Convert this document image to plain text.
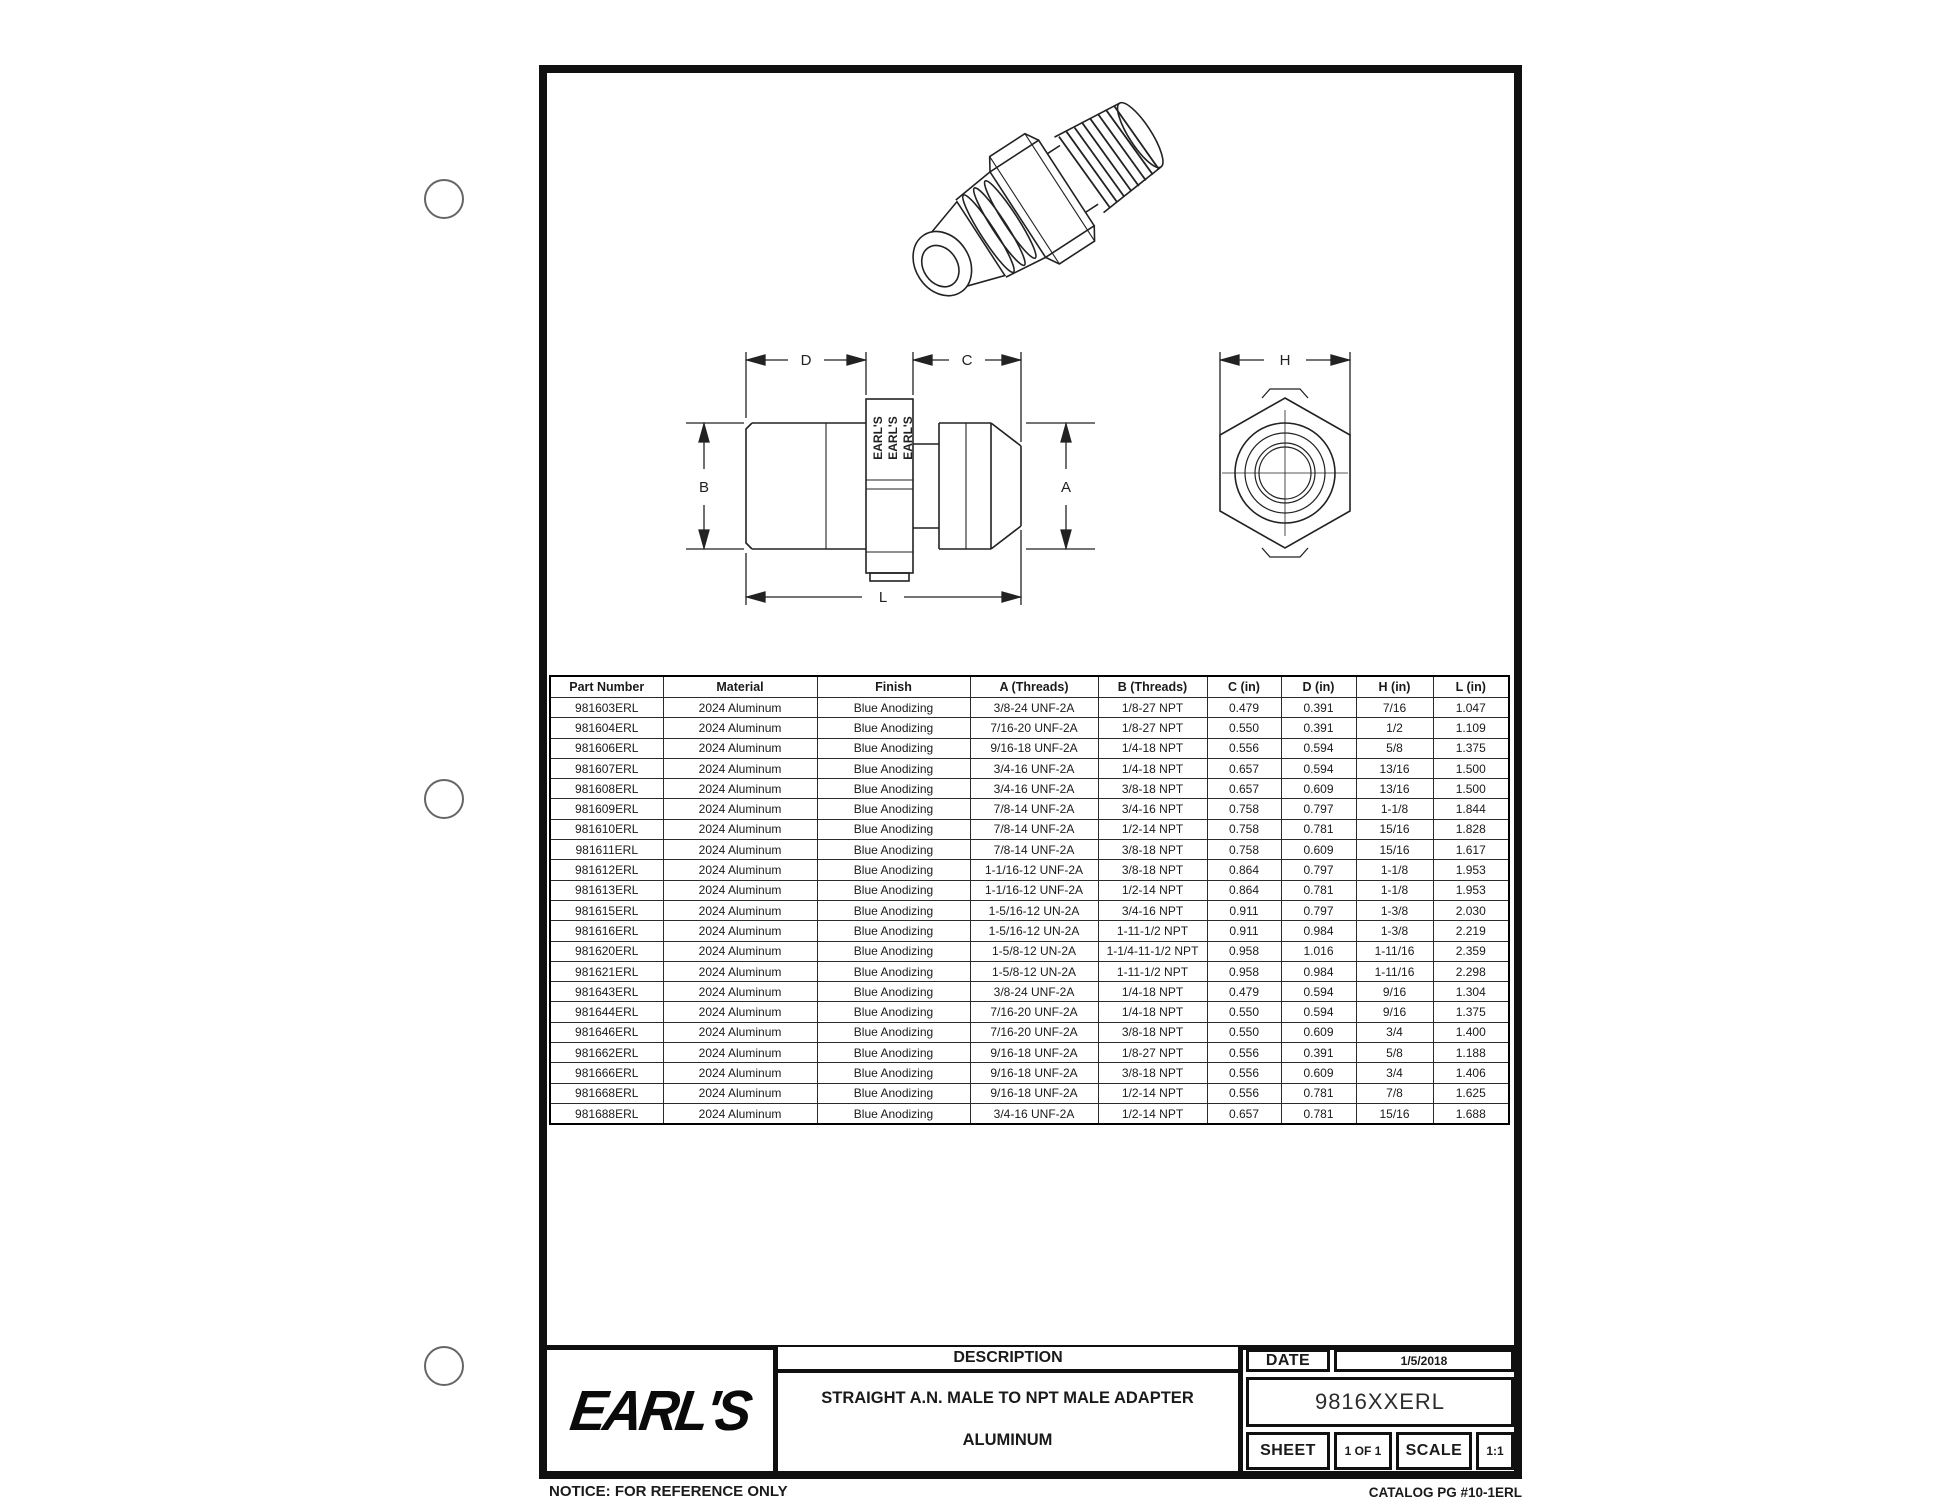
EARL'S EARL'S EARL'S
D	C
B	A
L
H
Part Number	Material	Finish	A (Threads)	B (Threads)	C (in)	D (in)	H (in)	L (in)
981603ERL	2024 Aluminum	Blue Anodizing	3/8-24 UNF-2A	1/8-27 NPT	0.479	0.391	7/16	1.047
981604ERL	2024 Aluminum	Blue Anodizing	7/16-20 UNF-2A	1/8-27 NPT	0.550	0.391	1/2	1.109
981606ERL	2024 Aluminum	Blue Anodizing	9/16-18 UNF-2A	1/4-18 NPT	0.556	0.594	5/8	1.375
981607ERL	2024 Aluminum	Blue Anodizing	3/4-16 UNF-2A	1/4-18 NPT	0.657	0.594	13/16	1.500
981608ERL	2024 Aluminum	Blue Anodizing	3/4-16 UNF-2A	3/8-18 NPT	0.657	0.609	13/16	1.500
981609ERL	2024 Aluminum	Blue Anodizing	7/8-14 UNF-2A	3/4-16 NPT	0.758	0.797	1-1/8	1.844
981610ERL	2024 Aluminum	Blue Anodizing	7/8-14 UNF-2A	1/2-14 NPT	0.758	0.781	15/16	1.828
981611ERL	2024 Aluminum	Blue Anodizing	7/8-14 UNF-2A	3/8-18 NPT	0.758	0.609	15/16	1.617
981612ERL	2024 Aluminum	Blue Anodizing	1-1/16-12 UNF-2A	3/8-18 NPT	0.864	0.797	1-1/8	1.953
981613ERL	2024 Aluminum	Blue Anodizing	1-1/16-12 UNF-2A	1/2-14 NPT	0.864	0.781	1-1/8	1.953
981615ERL	2024 Aluminum	Blue Anodizing	1-5/16-12 UN-2A	3/4-16 NPT	0.911	0.797	1-3/8	2.030
981616ERL	2024 Aluminum	Blue Anodizing	1-5/16-12 UN-2A	1-11-1/2 NPT	0.911	0.984	1-3/8	2.219
981620ERL	2024 Aluminum	Blue Anodizing	1-5/8-12 UN-2A	1-1/4-11-1/2 NPT	0.958	1.016	1-11/16	2.359
981621ERL	2024 Aluminum	Blue Anodizing	1-5/8-12 UN-2A	1-11-1/2 NPT	0.958	0.984	1-11/16	2.298
981643ERL	2024 Aluminum	Blue Anodizing	3/8-24 UNF-2A	1/4-18 NPT	0.479	0.594	9/16	1.304
981644ERL	2024 Aluminum	Blue Anodizing	7/16-20 UNF-2A	1/4-18 NPT	0.550	0.594	9/16	1.375
981646ERL	2024 Aluminum	Blue Anodizing	7/16-20 UNF-2A	3/8-18 NPT	0.550	0.609	3/4	1.400
981662ERL	2024 Aluminum	Blue Anodizing	9/16-18 UNF-2A	1/8-27 NPT	0.556	0.391	5/8	1.188
981666ERL	2024 Aluminum	Blue Anodizing	9/16-18 UNF-2A	3/8-18 NPT	0.556	0.609	3/4	1.406
981668ERL	2024 Aluminum	Blue Anodizing	9/16-18 UNF-2A	1/2-14 NPT	0.556	0.781	7/8	1.625
981688ERL	2024 Aluminum	Blue Anodizing	3/4-16 UNF-2A	1/2-14 NPT	0.657	0.781	15/16	1.688
EARL'S
DESCRIPTION
STRAIGHT A.N. MALE TO NPT MALE ADAPTER
ALUMINUM
DATE	1/5/2018
9816XXERL
SHEET 1 OF 1 SCALE 1:1
NOTICE: FOR REFERENCE ONLY	CATALOG PG #10-1ERL
